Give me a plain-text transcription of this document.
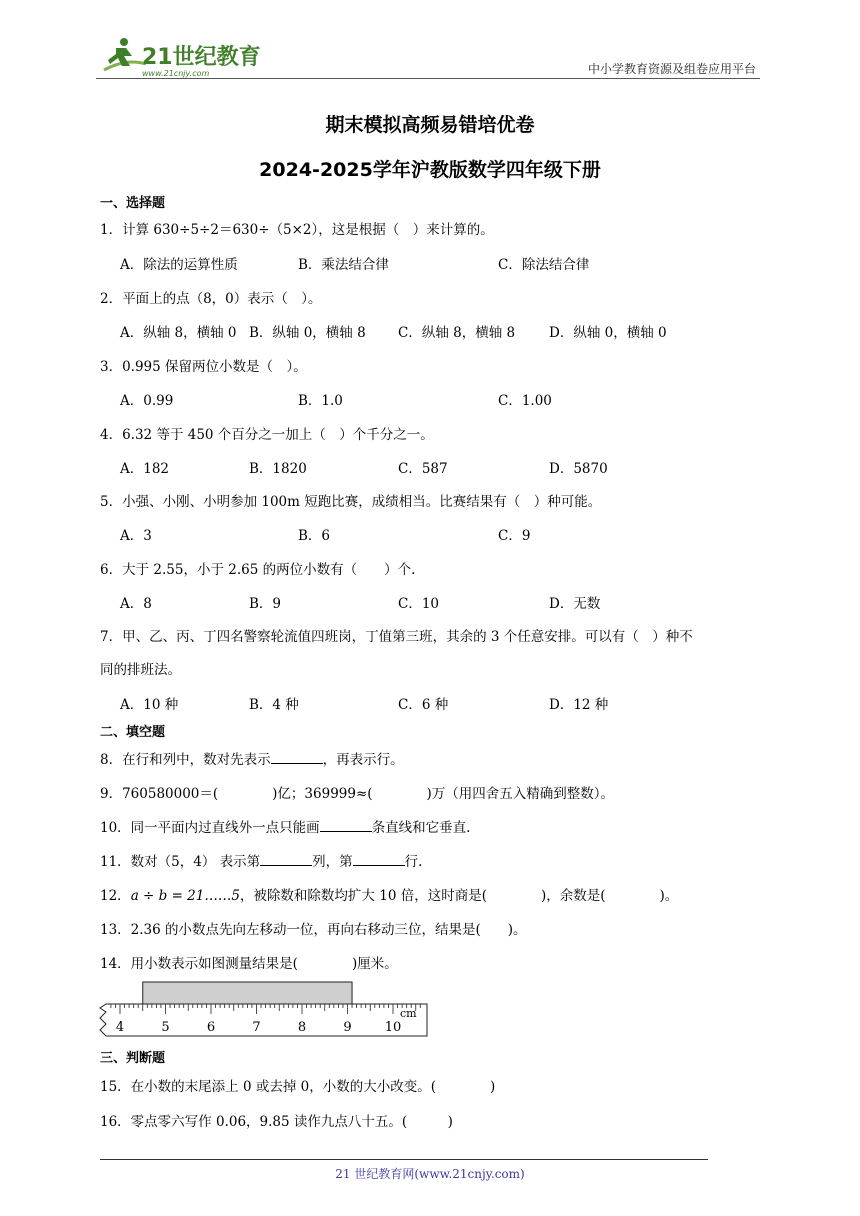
21世纪教育
www.21cnjy.com	中小学教育资源及组卷应用平台
期末模拟高频易错培优卷
2024-2025学年沪教版数学四年级下册
一、选择题
1．计算 630÷5÷2＝630÷（5×2），这是根据（　）来计算的。
A．除法的运算性质	B．乘法结合律	C．除法结合律
2．平面上的点（8，0）表示（　）。
A．纵轴 8，横轴 0 B．纵轴 0，横轴 8 C．纵轴 8，横轴 8	D．纵轴 0，横轴 0
3．0.995 保留两位小数是（　）。
A．0.99	B．1.0	C．1.00
4．6.32 等于 450 个百分之一加上（　）个千分之一。
A．182	B．1820	C．587	D．5870
5．小强、小刚、小明参加 100m 短跑比赛，成绩相当。比赛结果有（　）种可能。
A．3	B．6	C．9
6．大于 2.55，小于 2.65 的两位小数有（　　）个.
A．8	B．9	C．10	D．无数
7．甲、乙、丙、丁四名警察轮流值四班岗，丁值第三班，其余的 3 个任意安排。可以有（　）种不
同的排班法。
A．10 种	B．4 种	C．6 种	D．12 种
二、填空题
8．在行和列中，数对先表示	，再表示行。
9．760580000＝(　　　　)亿；369999≈(　　　　)万（用四舍五入精确到整数）。
10．同一平面内过直线外一点只能画	条直线和它垂直.
11．数对（5，4） 表示第	列，第	行.
12．a ÷ b = 21……5，被除数和除数均扩大 10 倍，这时商是(　　　　)，余数是(　　　　)。
13．2.36 的小数点先向左移动一位，再向右移动三位，结果是(　　)。
14．用小数表示如图测量结果是(　　　　)厘米。
4	5	6	7	8	9	10
cm
三、判断题
15．在小数的末尾添上 0 或去掉 0，小数的大小改变。(　　　　)
16．零点零六写作 0.06，9.85 读作九点八十五。(　　　)
21 世纪教育网(www.21cnjy.com)
